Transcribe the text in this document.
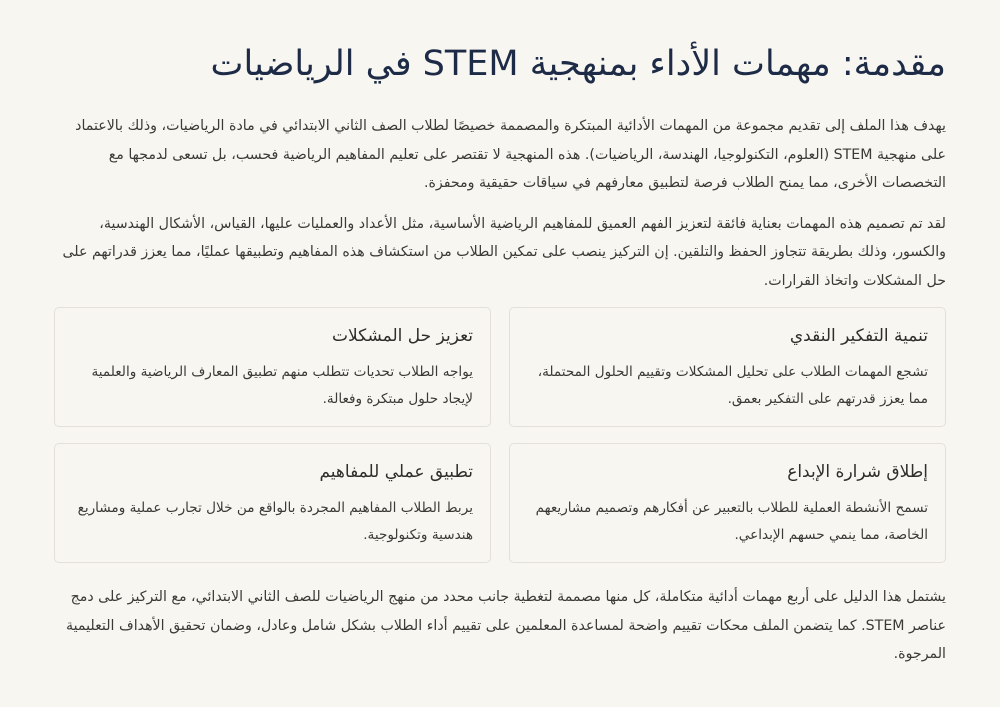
مقدمة: مهمات الأداء بمنهجية STEM في الرياضيات

يهدف هذا الملف إلى تقديم مجموعة من المهمات الأدائية المبتكرة والمصممة خصيصًا لطلاب الصف الثاني الابتدائي في مادة الرياضيات، وذلك بالاعتماد على منهجية STEM (العلوم، التكنولوجيا، الهندسة، الرياضيات). هذه المنهجية لا تقتصر على تعليم المفاهيم الرياضية فحسب، بل تسعى لدمجها مع التخصصات الأخرى، مما يمنح الطلاب فرصة لتطبيق معارفهم في سياقات حقيقية ومحفزة.

لقد تم تصميم هذه المهمات بعناية فائقة لتعزيز الفهم العميق للمفاهيم الرياضية الأساسية، مثل الأعداد والعمليات عليها، القياس، الأشكال الهندسية، والكسور، وذلك بطريقة تتجاوز الحفظ والتلقين. إن التركيز ينصب على تمكين الطلاب من استكشاف هذه المفاهيم وتطبيقها عمليًا، مما يعزز قدراتهم على حل المشكلات واتخاذ القرارات.

تنمية التفكير النقدي

تشجع المهمات الطلاب على تحليل المشكلات وتقييم الحلول المحتملة، مما يعزز قدرتهم على التفكير بعمق.

تعزيز حل المشكلات

يواجه الطلاب تحديات تتطلب منهم تطبيق المعارف الرياضية والعلمية لإيجاد حلول مبتكرة وفعالة.

إطلاق شرارة الإبداع

تسمح الأنشطة العملية للطلاب بالتعبير عن أفكارهم وتصميم مشاريعهم الخاصة، مما ينمي حسهم الإبداعي.

تطبيق عملي للمفاهيم

يربط الطلاب المفاهيم المجردة بالواقع من خلال تجارب عملية ومشاريع هندسية وتكنولوجية.

يشتمل هذا الدليل على أربع مهمات أدائية متكاملة، كل منها مصممة لتغطية جانب محدد من منهج الرياضيات للصف الثاني الابتدائي، مع التركيز على دمج عناصر STEM. كما يتضمن الملف محكات تقييم واضحة لمساعدة المعلمين على تقييم أداء الطلاب بشكل شامل وعادل، وضمان تحقيق الأهداف التعليمية المرجوة.
